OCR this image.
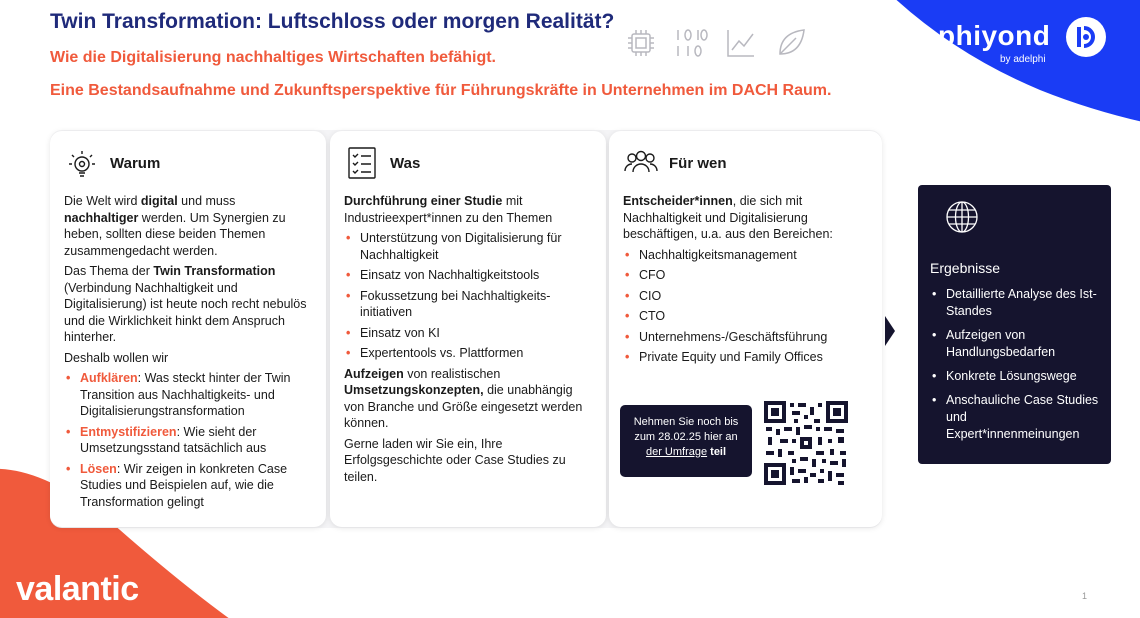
Twin Transformation: Luftschloss oder morgen Realität?
Wie die Digitalisierung nachhaltiges Wirtschaften befähigt.
Eine Bestandsaufnahme und Zukunftsperspektive für Führungskräfte in Unternehmen im DACH Raum.
phiyond
by adelphi
Warum

Die Welt wird digital und muss nachhaltiger werden. Um Synergien zu heben, sollten diese beiden Themen zusammengedacht werden.

Das Thema der Twin Transformation (Verbindung Nachhaltigkeit und Digitalisierung) ist heute noch recht nebulös und die Wirklichkeit hinkt dem Anspruch hinterher.

Deshalb wollen wir

• Aufklären: Was steckt hinter der Twin Transition aus Nachhaltigkeits- und Digitalisierungstransformation
• Entmystifizieren: Wie sieht der Umsetzungsstand tatsächlich aus
• Lösen: Wir zeigen in konkreten Case Studies und Beispielen auf, wie die Transformation gelingt
Was

Durchführung einer Studie mit Industrieexpert*innen zu den Themen

• Unterstützung von Digitalisierung für Nachhaltigkeit
• Einsatz von Nachhaltigkeitstools
• Fokussetzung bei Nachhaltigkeits-initiativen
• Einsatz von KI
• Expertentools vs. Plattformen

Aufzeigen von realistischen Umsetzungskonzepten, die unabhängig von Branche und Größe eingesetzt werden können.

Gerne laden wir Sie ein, Ihre Erfolgsgeschichte oder Case Studies zu teilen.

Für wen

Entscheider*innen, die sich mit Nachhaltigkeit und Digitalisierung beschäftigen, u.a. aus den Bereichen:

• Nachhaltigkeitsmanagement
• CFO
• CIO
• CTO
• Unternehmens-/Geschäftsführung
• Private Equity und Family Offices
Nehmen Sie noch bis zum 28.02.25 hier an der Umfrage teil
Ergebnisse
• Detaillierte Analyse des Ist-Standes
• Aufzeigen von Handlungsbedarfen
• Konkrete Lösungswege
• Anschauliche Case Studies und Expert*innenmeinungen
valantic	1
